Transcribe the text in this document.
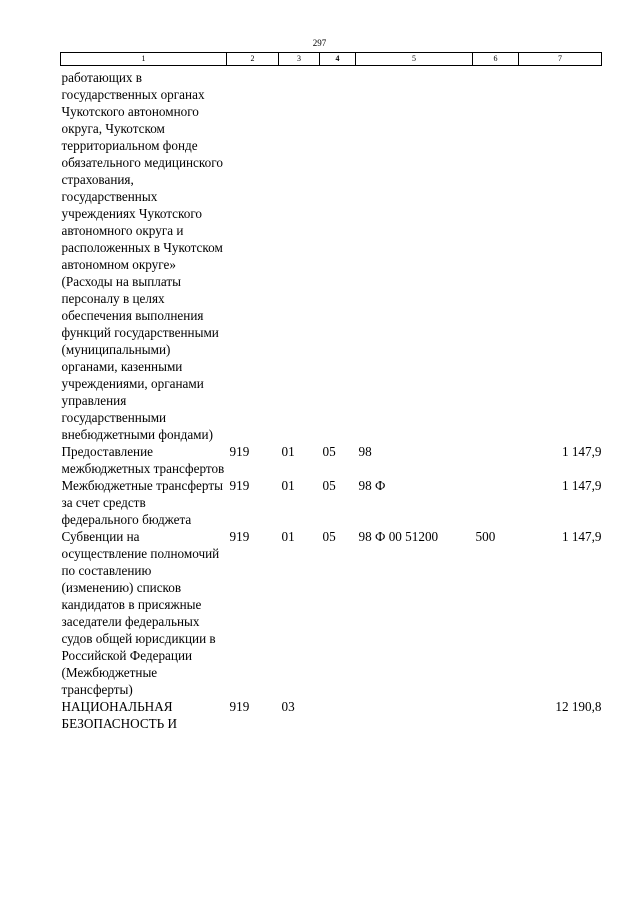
297
1	2	3	4	5	6	7
работающих в государственных органах Чукотского автономного округа, Чукотском территориальном фонде обязательного медицинского страхования, государственных учреждениях Чукотского автономного округа и расположенных в Чукотском автономном округе» (Расходы на выплаты персоналу в целях обеспечения выполнения функций государственными (муниципальными) органами, казенными учреждениями, органами управления государственными внебюджетными фондами)						
Предоставление межбюджетных трансфертов	919	01	05	98		1 147,9
Межбюджетные трансферты за счет средств федерального бюджета	919	01	05	98 Ф		1 147,9
Субвенции на осуществление полномочий по составлению (изменению) списков кандидатов в присяжные заседатели федеральных судов общей юрисдикции в Российской Федерации (Межбюджетные трансферты)	919	01	05	98 Ф 00 51200	500	1 147,9
НАЦИОНАЛЬНАЯ БЕЗОПАСНОСТЬ И	919	03				12 190,8
